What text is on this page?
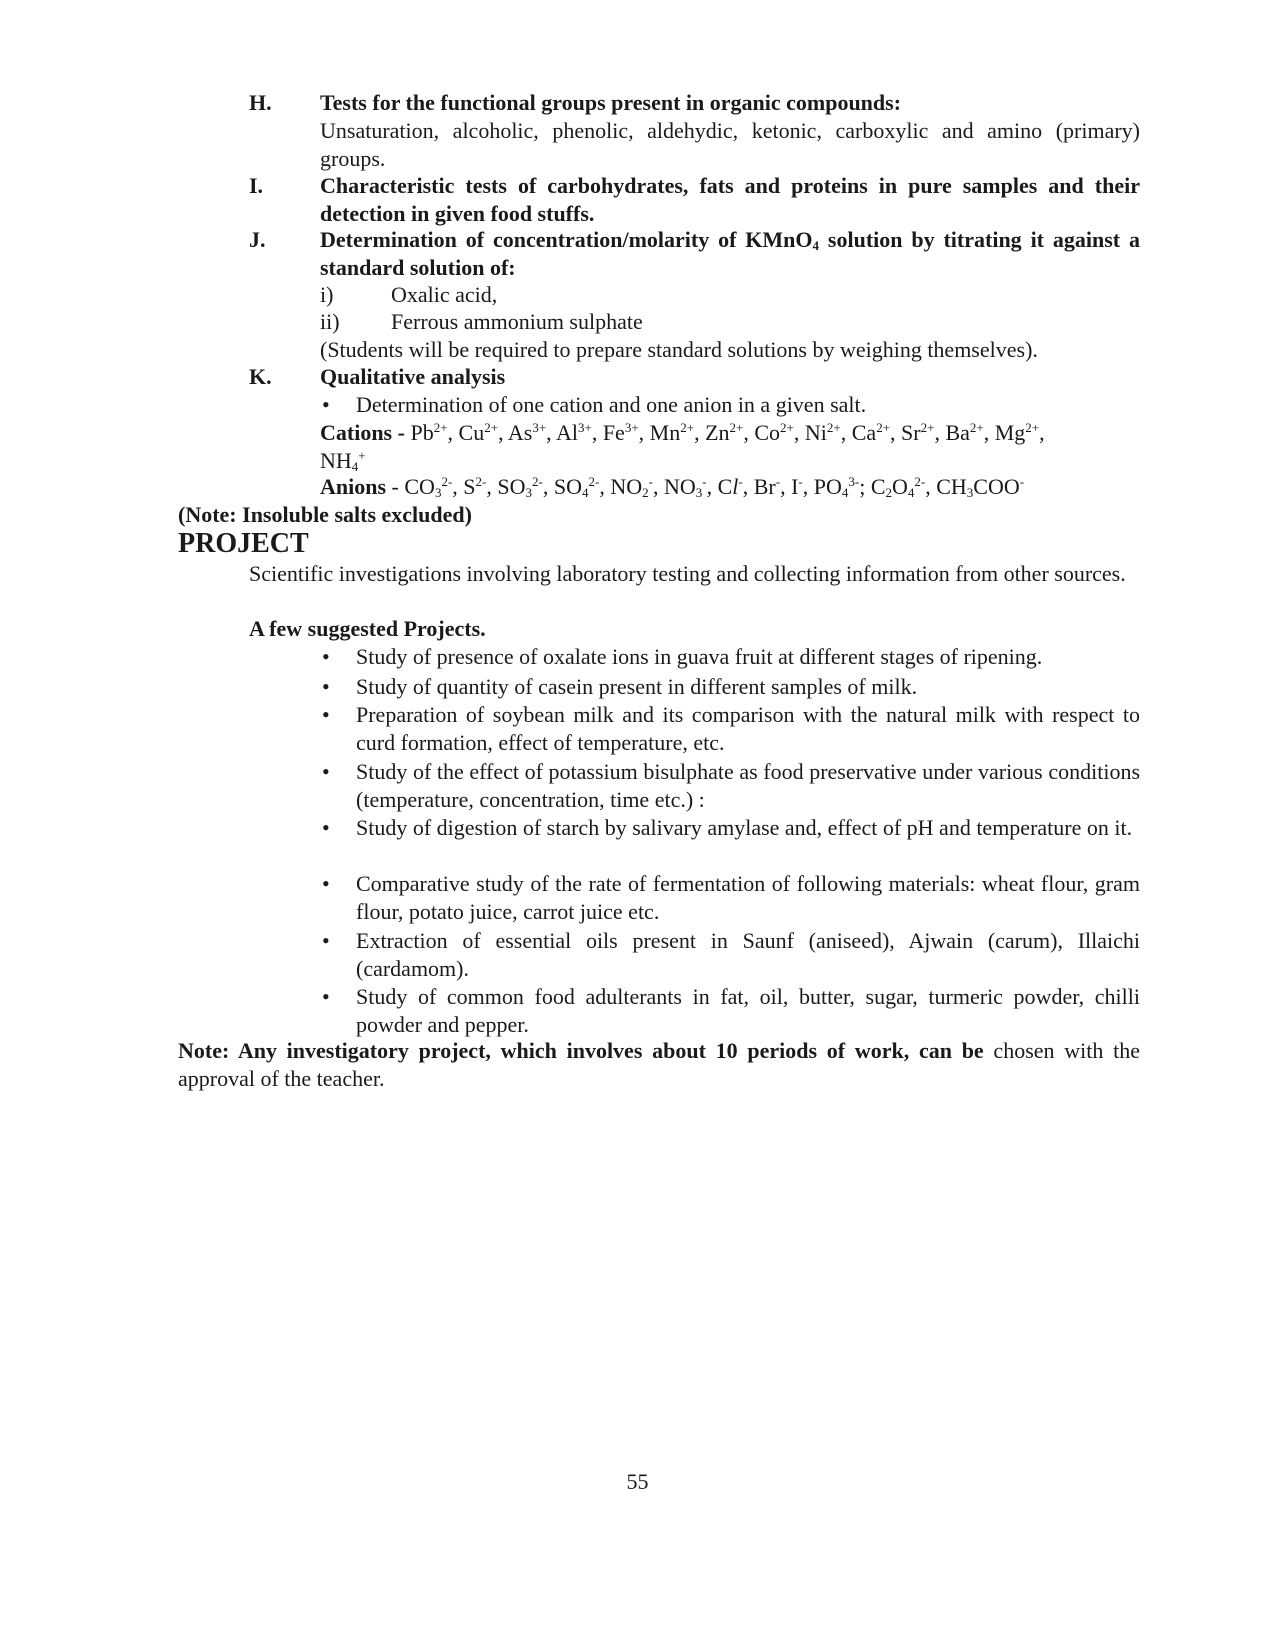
H. Tests for the functional groups present in organic compounds:
Unsaturation, alcoholic, phenolic, aldehydic, ketonic, carboxylic and amino (primary) groups.
I.	Characteristic tests of carbohydrates, fats and proteins in pure samples and their detection in given food stuffs.
J. Determination of concentration/molarity of KMnO$_4$ solution by titrating it against a standard solution of:
i)	Oxalic acid,
ii) Ferrous ammonium sulphate
(Students will be required to prepare standard solutions by weighing themselves).
K. Qualitative analysis
• Determination of one cation and one anion in a given salt.
Cations - $Pb^{2+}$, $Cu^{2+}$, $As^{3+}$, $Al^{3+}$, $Fe^{3+}$, $Mn^{2+}$, $Zn^{2+}$, $Co^{2+}$, $Ni^{2+}$, $Ca^{2+}$, $Sr^{2+}$, $Ba^{2+}$, $Mg^{2+}$,
$NH_4^+$
Anions - $CO_3^{2-}$, $S^{2-}$, $SO_3^{2-}$, $SO_4^{2-}$, $NO_2^-$, $NO_3^-$, Cl-, Br-, I-, $PO_4^{3-}$; $C_2O_4^{2-}$, $CH_3COO^-$
(Note: Insoluble salts excluded)
PROJECT
Scientific investigations involving laboratory testing and collecting information from other sources.
A few suggested Projects.
• Study of presence of oxalate ions in guava fruit at different stages of ripening.
• Study of quantity of casein present in different samples of milk.
• Preparation of soybean milk and its comparison with the natural milk with respect to curd formation, effect of temperature, etc.
• Study of the effect of potassium bisulphate as food preservative under various conditions (temperature, concentration, time etc.) :
• Study of digestion of starch by salivary amylase and, effect of pH and temperature on it.
• Comparative study of the rate of fermentation of following materials: wheat flour, gram flour, potato juice, carrot juice etc.
• Extraction of essential oils present in Saunf (aniseed), Ajwain (carum), Illaichi (cardamom).
• Study of common food adulterants in fat, oil, butter, sugar, turmeric powder, chilli powder and pepper.
Note: Any investigatory project, which involves about 10 periods of work, can be chosen with the approval of the teacher.
55
